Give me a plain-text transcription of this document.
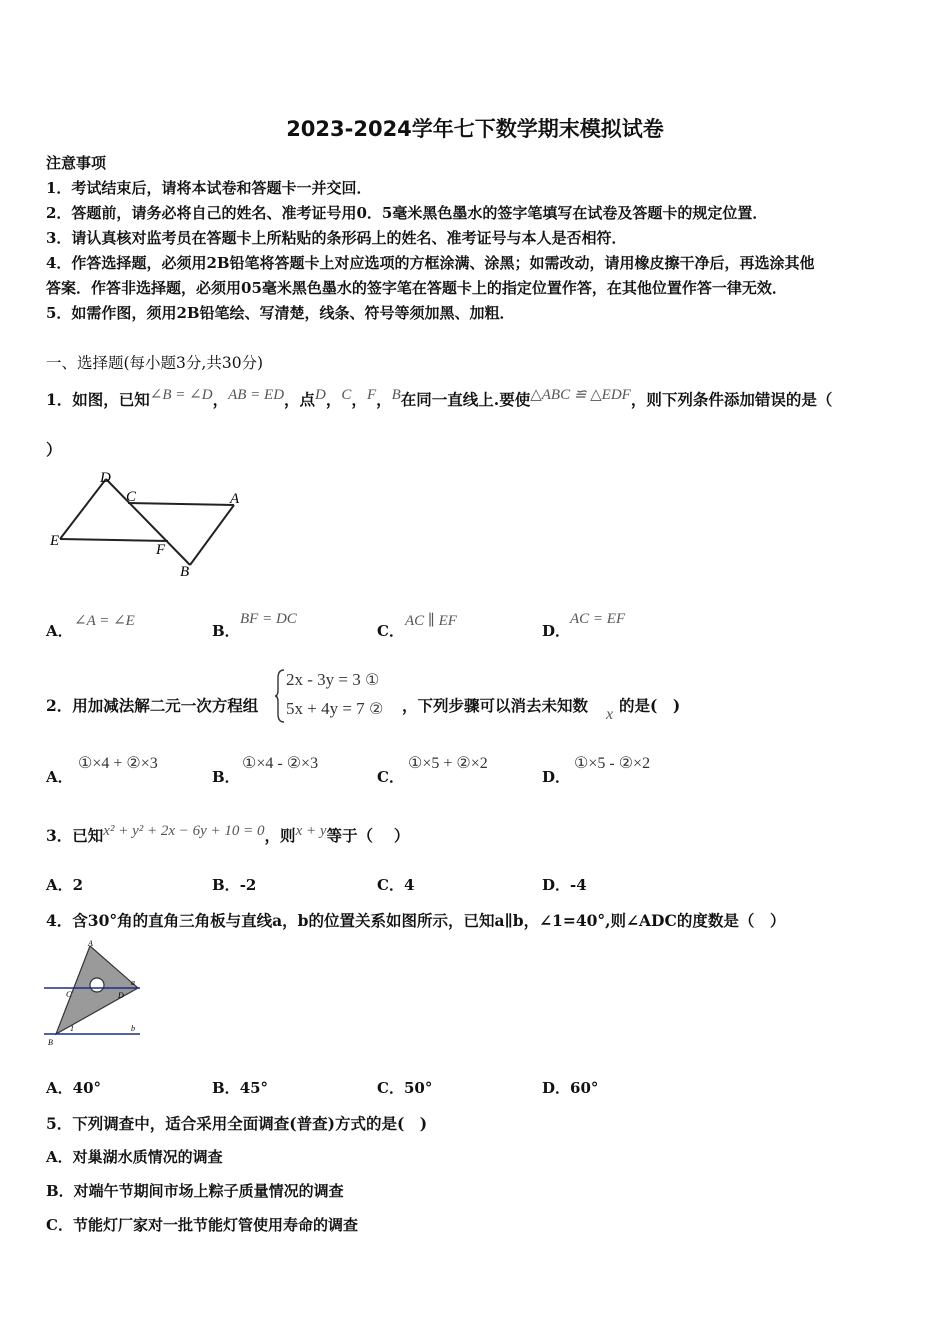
2023-2024学年七下数学期末模拟试卷
注意事项
1．考试结束后，请将本试卷和答题卡一并交回．
2．答题前，请务必将自己的姓名、准考证号用0．5毫米黑色墨水的签字笔填写在试卷及答题卡的规定位置．
3．请认真核对监考员在答题卡上所粘贴的条形码上的姓名、准考证号与本人是否相符．
4．作答选择题，必须用2B铅笔将答题卡上对应选项的方框涂满、涂黑；如需改动，请用橡皮擦干净后，再选涂其他
答案．作答非选择题，必须用05毫米黑色墨水的签字笔在答题卡上的指定位置作答，在其他位置作答一律无效．
5．如需作图，须用2B铅笔绘、写清楚，线条、符号等须加黑、加粗．
一、选择题(每小题3分,共30分)
1．如图，已知∠B = ∠D，AB = ED，点D，C，F，B在同一直线上.要使△ABC ≌ △EDF，则下列条件添加错误的是（
）
D
C	A
E
F
B
A．
∠A = ∠E
B．
BF = DC
C．
AC ∥ EF
D．
AC = EF
2．用加减法解二元一次方程组
2x - 3y = 3 ①
5x + 4y = 7 ② ，下列步骤可以消去未知数 x 的是(　)
A．
①×4 + ②×3
B．
①×4 - ②×3
C．
①×5 + ②×2
D．
①×5 - ②×2
3．已知x² + y² + 2x − 6y + 10 = 0，则x + y等于（　 ）
A．2	B．-2	C．4	D．-4
4．含30°角的直角三角板与直线a，b的位置关系如图所示，已知a∥b，∠1=40°,则∠ADC的度数是（　）
A
a
C	D
1	b
B
A．40°	B．45°	C．50°	D．60°
5．下列调查中，适合采用全面调查(普查)方式的是(　)
A．对巢湖水质情况的调查
B．对端午节期间市场上粽子质量情况的调查
C．节能灯厂家对一批节能灯管使用寿命的调查
